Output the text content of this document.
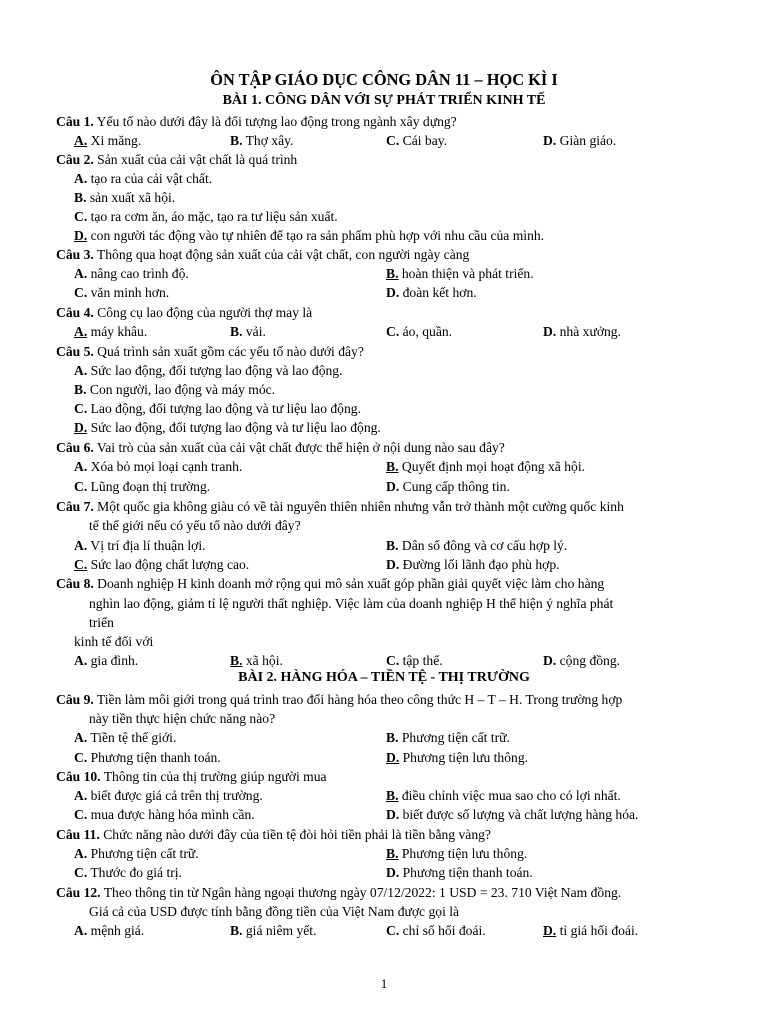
ÔN TẬP GIÁO DỤC CÔNG DÂN 11 – HỌC KÌ I
BÀI 1. CÔNG DÂN VỚI SỰ PHÁT TRIỂN KINH TẾ
Câu 1. Yếu tố nào dưới đây là đối tượng lao động trong ngành xây dựng?
A. Xi măng.	B. Thợ xây.	C. Cái bay.	D. Giàn giáo.
Câu 2. Sản xuất của cải vật chất là quá trình
A. tạo ra của cải vật chất.
B. sản xuất xã hội.
C. tạo ra cơm ăn, áo mặc, tạo ra tư liệu sản xuất.
D. con người tác động vào tự nhiên để tạo ra sản phẩm phù hợp với nhu cầu của mình.
Câu 3. Thông qua hoạt động sản xuất của cải vật chất, con người ngày càng
A. nâng cao trình độ.	B. hoàn thiện và phát triển.
C. văn minh hơn.	D. đoàn kết hơn.
Câu 4. Công cụ lao động của người thợ may là
A. máy khâu.	B. vải.	C. áo, quần.	D. nhà xưởng.
Câu 5. Quá trình sản xuất gồm các yếu tố nào dưới đây?
A. Sức lao động, đối tượng lao động và lao động.
B. Con người, lao động và máy móc.
C. Lao động, đối tượng lao động và tư liệu lao động.
D. Sức lao động, đối tượng lao động và tư liệu lao động.
Câu 6. Vai trò của sản xuất của cải vật chất được thể hiện ở nội dung nào sau đây?
A. Xóa bỏ mọi loại cạnh tranh.	B. Quyết định mọi hoạt động xã hội.
C. Lũng đoạn thị trường.	D. Cung cấp thông tin.
Câu 7. Một quốc gia không giàu có về tài nguyên thiên nhiên nhưng vẫn trở thành một cường quốc kinh
tế thế giới nếu có yếu tố nào dưới đây?
A. Vị trí địa lí thuận lợi.	B. Dân số đông và cơ cấu hợp lý.
C. Sức lao động chất lượng cao.	D. Đường lối lãnh đạo phù hợp.
Câu 8. Doanh nghiệp H kinh doanh mở rộng qui mô sản xuất góp phần giải quyết việc làm cho hàng
nghìn lao động, giảm tỉ lệ người thất nghiệp. Việc làm của doanh nghiệp H thể hiện ý nghĩa phát
triển
kinh tế đối với
A. gia đình.	B. xã hội.	C. tập thể.	D. cộng đồng.
BÀI 2. HÀNG HÓA – TIỀN TỆ - THỊ TRƯỜNG
Câu 9. Tiền làm môi giới trong quá trình trao đổi hàng hóa theo công thức H – T – H. Trong trường hợp
này tiền thực hiện chức năng nào?
A. Tiền tệ thế giới.	B. Phương tiện cất trữ.
C. Phương tiện thanh toán.	D. Phương tiện lưu thông.
Câu 10. Thông tin của thị trường giúp người mua
A. biết được giá cả trên thị trường.	B. điều chỉnh việc mua sao cho có lợi nhất.
C. mua được hàng hóa mình cần.	D. biết được số lượng và chất lượng hàng hóa.
Câu 11. Chức năng nào dưới đây của tiền tệ đòi hỏi tiền phải là tiền bằng vàng?
A. Phương tiện cất trữ.	B. Phương tiện lưu thông.
C. Thước đo giá trị.	D. Phương tiện thanh toán.
Câu 12. Theo thông tin từ Ngân hàng ngoại thương ngày 07/12/2022: 1 USD = 23. 710 Việt Nam đồng.
Giá cả của USD được tính bằng đồng tiền của Việt Nam được gọi là
A. mệnh giá.	B. giá niêm yết.	C. chỉ số hối đoái.	D. tỉ giá hối đoái.
1
